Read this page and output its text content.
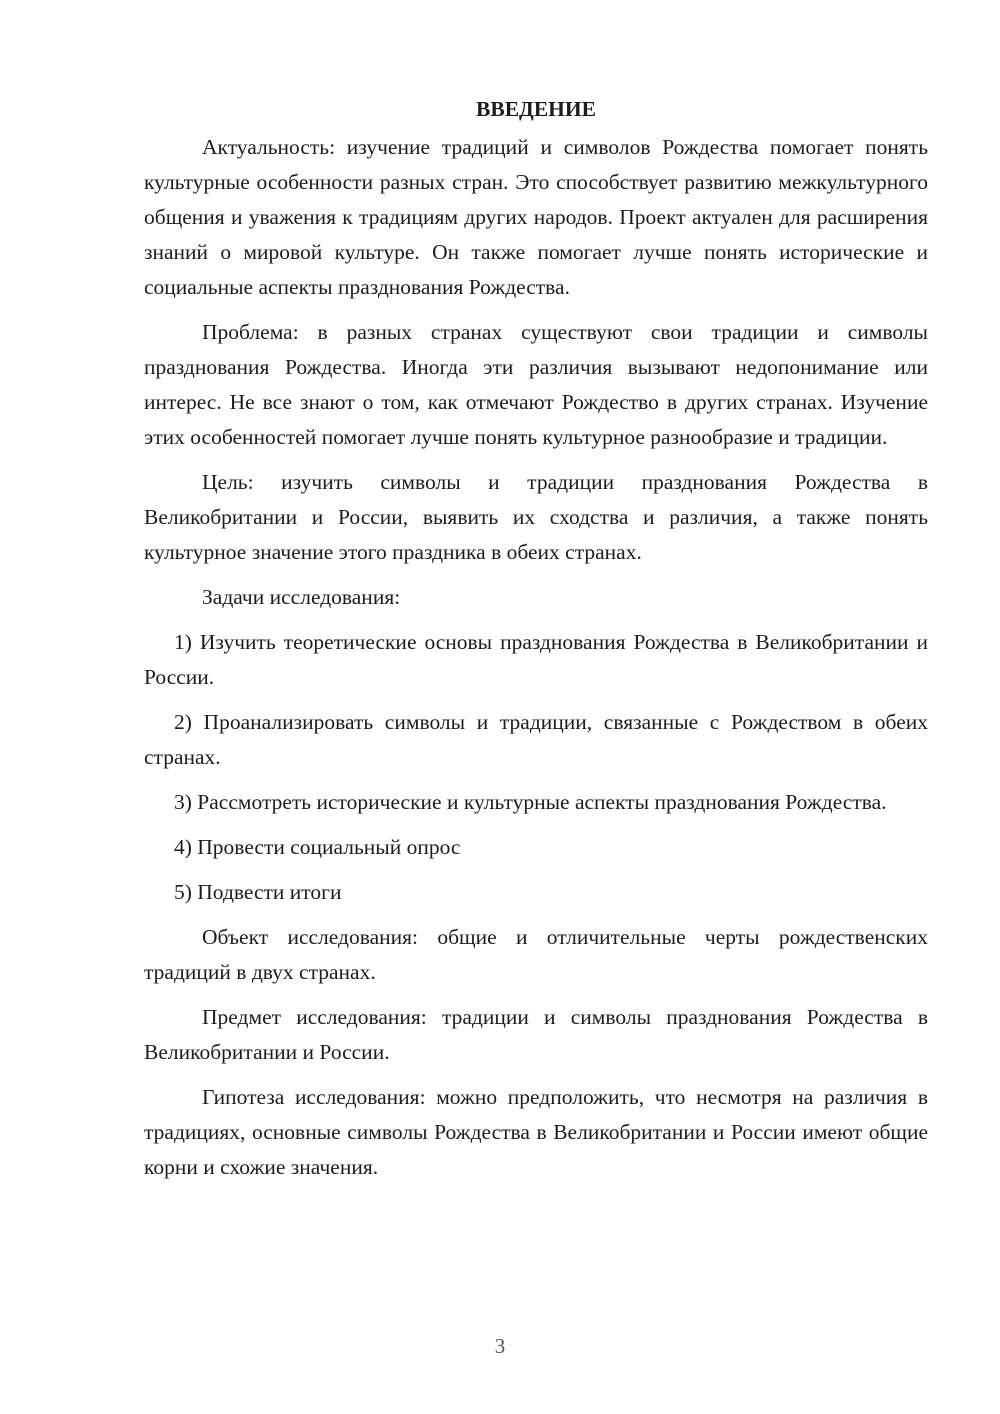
ВВЕДЕНИЕ

Актуальность: изучение традиций и символов Рождества помогает понять культурные особенности разных стран. Это способствует развитию межкультурного общения и уважения к традициям других народов. Проект актуален для расширения знаний о мировой культуре. Он также помогает лучше понять исторические и социальные аспекты празднования Рождества.

Проблема: в разных странах существуют свои традиции и символы празднования Рождества. Иногда эти различия вызывают недопонимание или интерес. Не все знают о том, как отмечают Рождество в других странах. Изучение этих особенностей помогает лучше понять культурное разнообразие и традиции.

Цель: изучить символы и традиции празднования Рождества в Великобритании и России, выявить их сходства и различия, а также понять культурное значение этого праздника в обеих странах.

Задачи исследования:

1) Изучить теоретические основы празднования Рождества в Великобритании и России.

2) Проанализировать символы и традиции, связанные с Рождеством в обеих странах.

3) Рассмотреть исторические и культурные аспекты празднования Рождества.

4) Провести социальный опрос

5) Подвести итоги

Объект исследования: общие и отличительные черты рождественских традиций в двух странах.

Предмет исследования: традиции и символы празднования Рождества в Великобритании и России.

Гипотеза исследования: можно предположить, что несмотря на различия в традициях, основные символы Рождества в Великобритании и России имеют общие корни и схожие значения.

3
